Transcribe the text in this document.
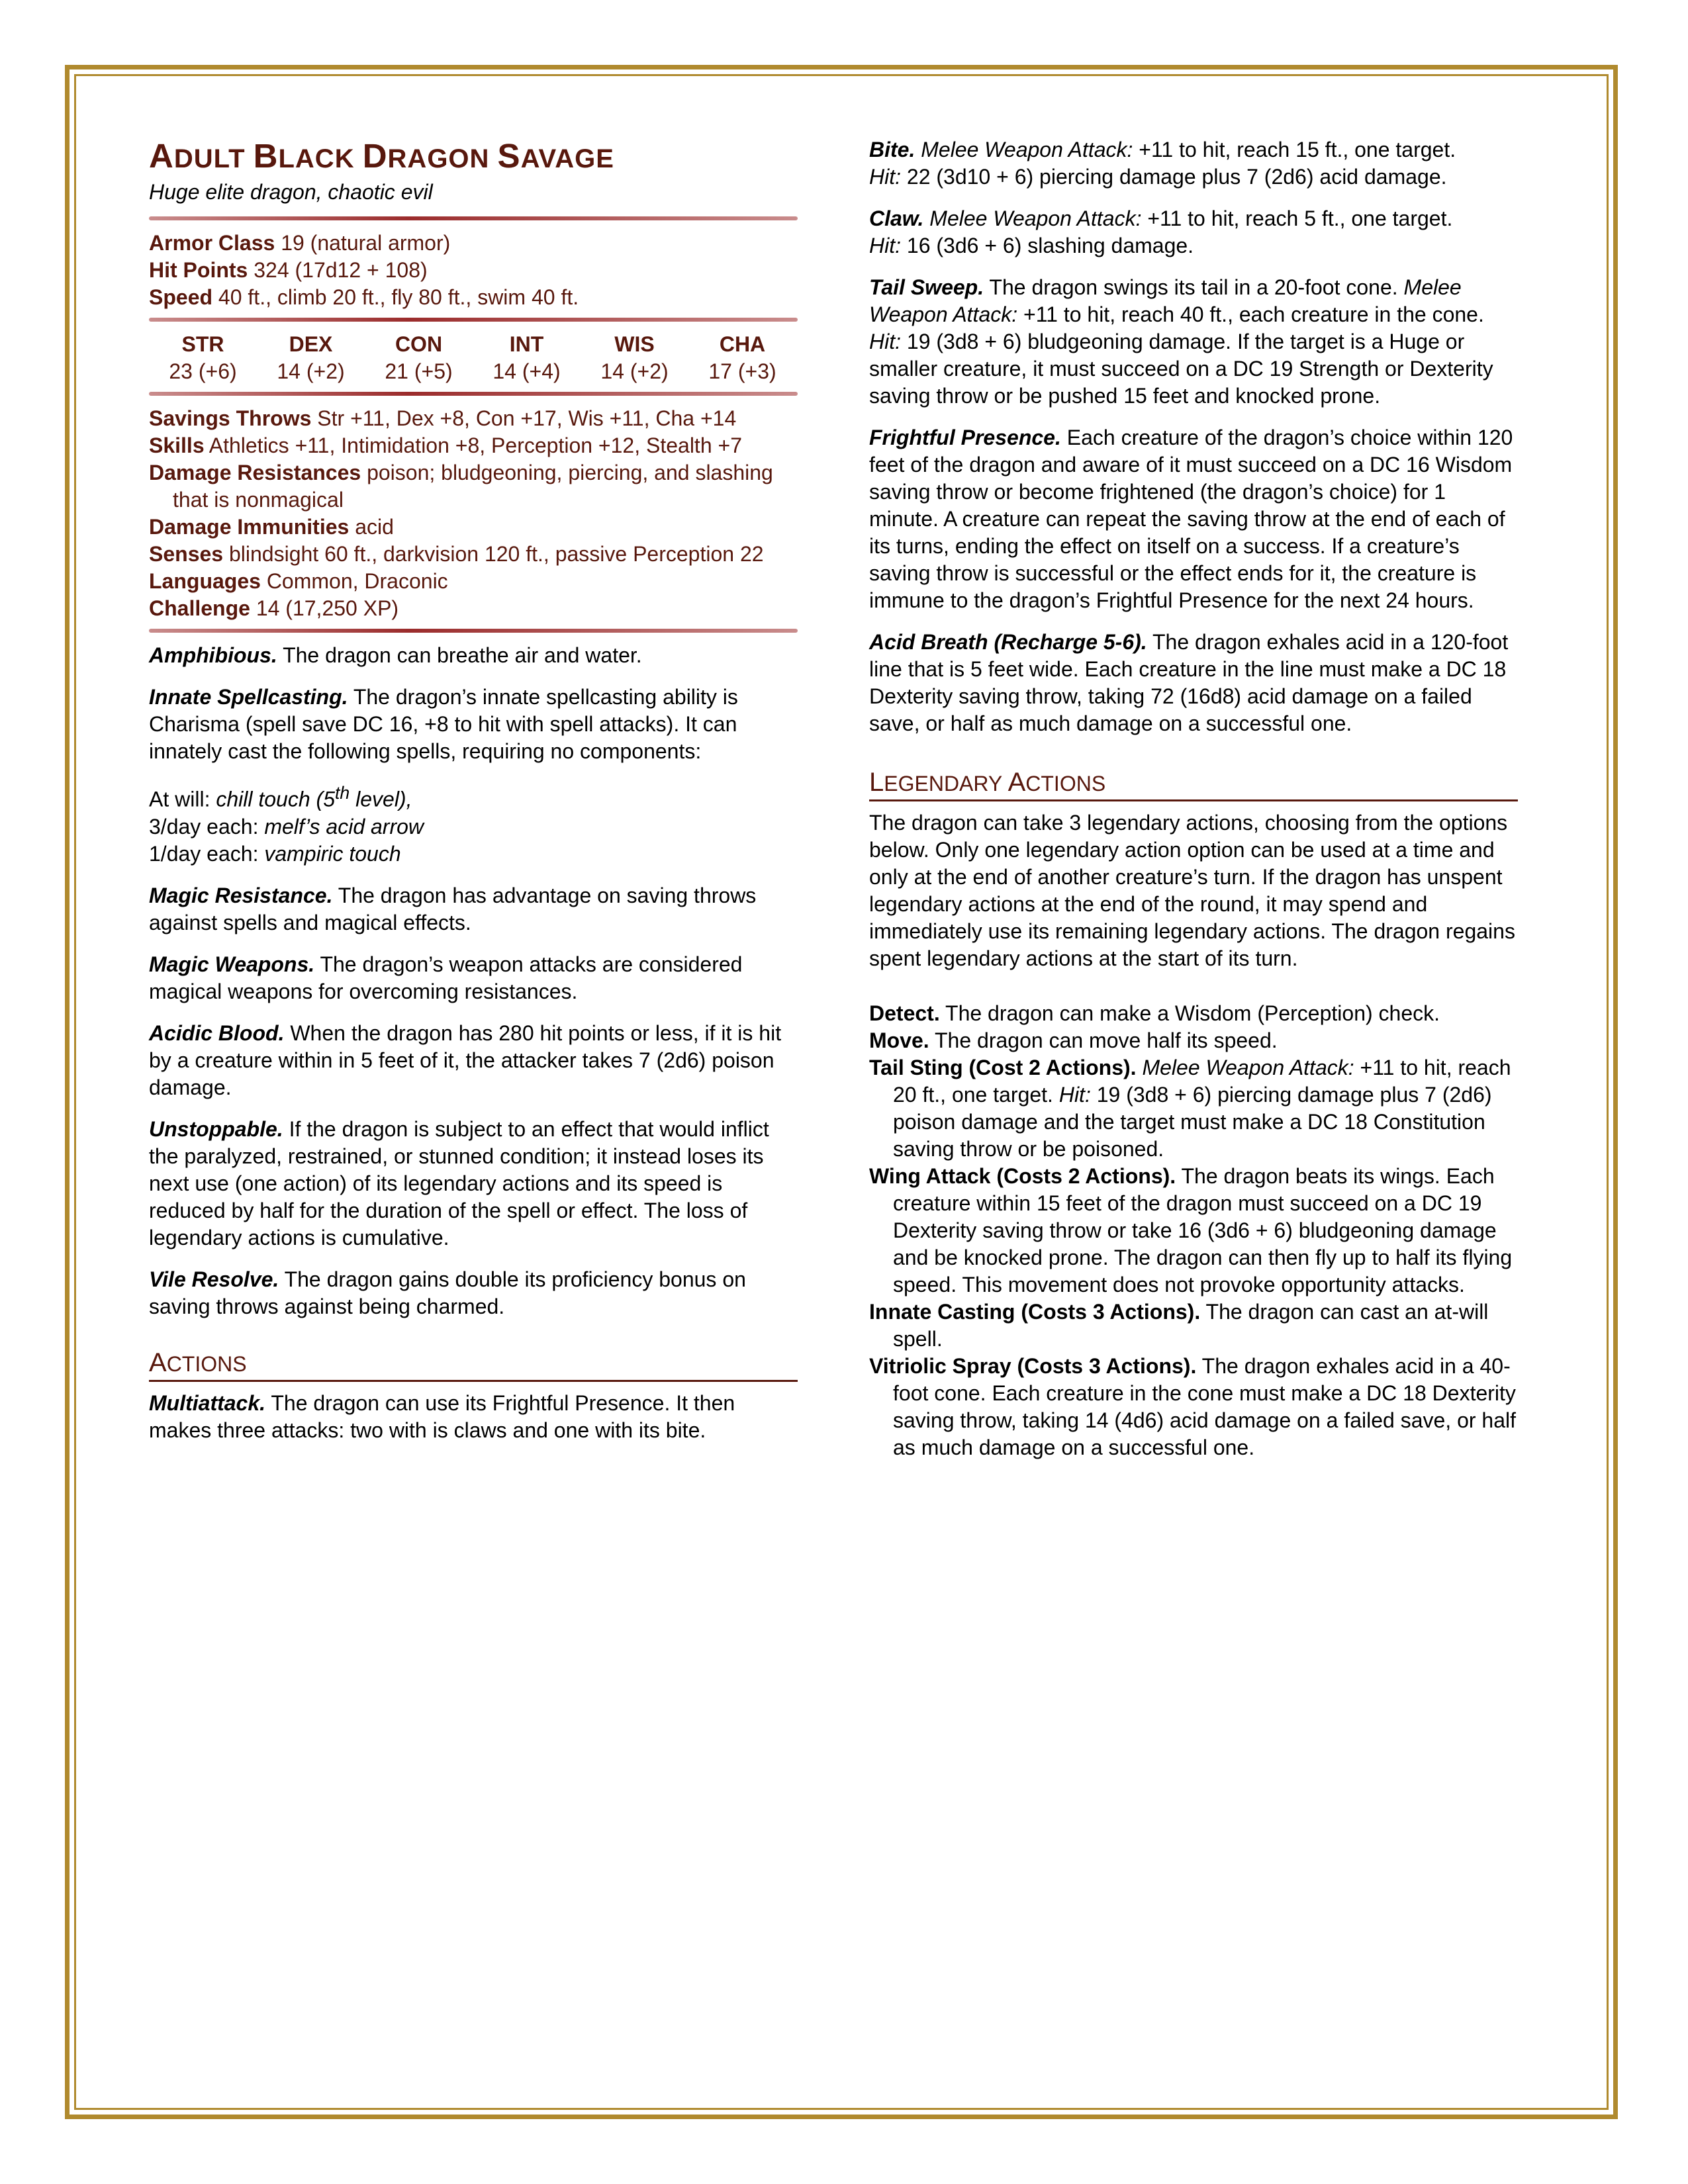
ADULT BLACK DRAGON SAVAGE

Huge elite dragon, chaotic evil

Armor Class 19 (natural armor)

Hit Points 324 (17d12 + 108)

Speed 40 ft., climb 20 ft., fly 80 ft., swim 40 ft.

STR	DEX	CON	INT	WIS	CHA
23 (+6)	14 (+2)	21 (+5)	14 (+4)	14 (+2)	17 (+3)

Savings Throws Str +11, Dex +8, Con +17, Wis +11, Cha +14

Skills Athletics +11, Intimidation +8, Perception +12, Stealth +7

Damage Resistances poison; bludgeoning, piercing, and slashing that is nonmagical

Damage Immunities acid

Senses blindsight 60 ft., darkvision 120 ft., passive Perception 22

Languages Common, Draconic

Challenge 14 (17,250 XP)

Amphibious. The dragon can breathe air and water.

Innate Spellcasting. The dragon’s innate spellcasting ability is Charisma (spell save DC 16, +8 to hit with spell attacks). It can innately cast the following spells, requiring no components:

At will: chill touch (5th level),

3/day each: melf’s acid arrow

1/day each: vampiric touch

Magic Resistance. The dragon has advantage on saving throws against spells and magical effects.

Magic Weapons. The dragon’s weapon attacks are considered magical weapons for overcoming resistances.

Acidic Blood. When the dragon has 280 hit points or less, if it is hit by a creature within in 5 feet of it, the attacker takes 7 (2d6) poison damage.

Unstoppable. If the dragon is subject to an effect that would inflict the paralyzed, restrained, or stunned condition; it instead loses its next use (one action) of its legendary actions and its speed is reduced by half for the duration of the spell or effect. The loss of legendary actions is cumulative.

Vile Resolve. The dragon gains double its proficiency bonus on saving throws against being charmed.

ACTIONS

Multiattack. The dragon can use its Frightful Presence. It then makes three attacks: two with is claws and one with its bite.

Bite. Melee Weapon Attack: +11 to hit, reach 15 ft., one target.
Hit: 22 (3d10 + 6) piercing damage plus 7 (2d6) acid damage.

Claw. Melee Weapon Attack: +11 to hit, reach 5 ft., one target.
Hit: 16 (3d6 + 6) slashing damage.

Tail Sweep. The dragon swings its tail in a 20-foot cone. Melee Weapon Attack: +11 to hit, reach 40 ft., each creature in the cone. Hit: 19 (3d8 + 6) bludgeoning damage. If the target is a Huge or smaller creature, it must succeed on a DC 19 Strength or Dexterity saving throw or be pushed 15 feet and knocked prone.

Frightful Presence. Each creature of the dragon’s choice within 120 feet of the dragon and aware of it must succeed on a DC 16 Wisdom saving throw or become frightened (the dragon’s choice) for 1 minute. A creature can repeat the saving throw at the end of each of its turns, ending the effect on itself on a success. If a creature’s saving throw is successful or the effect ends for it, the creature is immune to the dragon’s Frightful Presence for the next 24 hours.

Acid Breath (Recharge 5-6). The dragon exhales acid in a 120-foot line that is 5 feet wide. Each creature in the line must make a DC 18 Dexterity saving throw, taking 72 (16d8) acid damage on a failed save, or half as much damage on a successful one.

LEGENDARY ACTIONS

The dragon can take 3 legendary actions, choosing from the options below. Only one legendary action option can be used at a time and only at the end of another creature’s turn. If the dragon has unspent legendary actions at the end of the round, it may spend and immediately use its remaining legendary actions. The dragon regains spent legendary actions at the start of its turn.

Detect. The dragon can make a Wisdom (Perception) check.

Move. The dragon can move half its speed.

Tail Sting (Cost 2 Actions). Melee Weapon Attack: +11 to hit, reach 20 ft., one target. Hit: 19 (3d8 + 6) piercing damage plus 7 (2d6) poison damage and the target must make a DC 18 Constitution saving throw or be poisoned.

Wing Attack (Costs 2 Actions). The dragon beats its wings. Each creature within 15 feet of the dragon must succeed on a DC 19 Dexterity saving throw or take 16 (3d6 + 6) bludgeoning damage and be knocked prone. The dragon can then fly up to half its flying speed. This movement does not provoke opportunity attacks.

Innate Casting (Costs 3 Actions). The dragon can cast an at-will spell.

Vitriolic Spray (Costs 3 Actions). The dragon exhales acid in a 40-foot cone. Each creature in the cone must make a DC 18 Dexterity saving throw, taking 14 (4d6) acid damage on a failed save, or half as much damage on a successful one.
